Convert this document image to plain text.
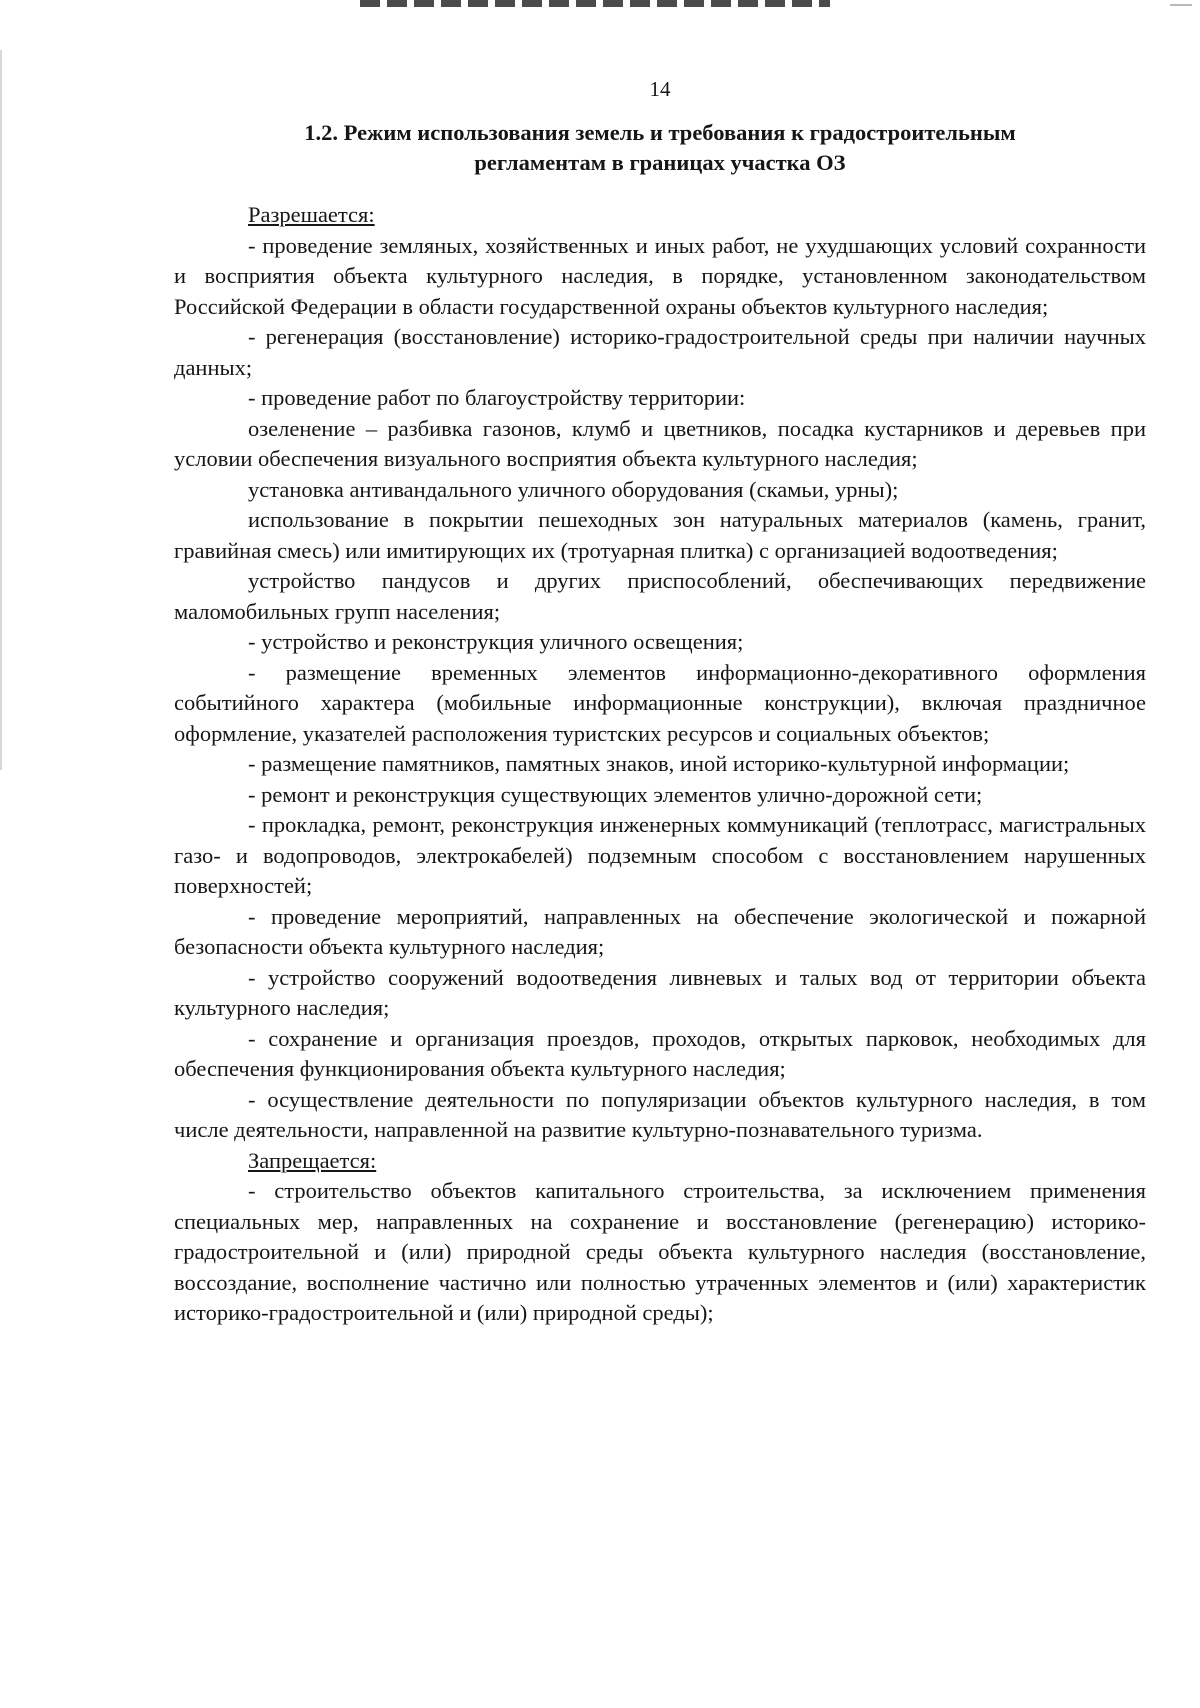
14
1.2. Режим использования земель и требования к градостроительным
регламентам в границах участка ОЗ

Разрешается:

- проведение земляных, хозяйственных и иных работ, не ухудшающих условий сохранности и восприятия объекта культурного наследия, в порядке, установленном законодательством Российской Федерации в области государственной охраны объектов культурного наследия;

- регенерация (восстановление) историко-градостроительной среды при наличии научных данных;

- проведение работ по благоустройству территории:

озеленение – разбивка газонов, клумб и цветников, посадка кустарников и деревьев при условии обеспечения визуального восприятия объекта культурного наследия;

установка антивандального уличного оборудования (скамьи, урны);

использование в покрытии пешеходных зон натуральных материалов (камень, гранит, гравийная смесь) или имитирующих их (тротуарная плитка) с организацией водоотведения;

устройство пандусов и других приспособлений, обеспечивающих передвижение маломобильных групп населения;

- устройство и реконструкция уличного освещения;

- размещение временных элементов информационно-декоративного оформления событийного характера (мобильные информационные конструкции), включая праздничное оформление, указателей расположения туристских ресурсов и социальных объектов;

- размещение памятников, памятных знаков, иной историко-культурной информации;

- ремонт и реконструкция существующих элементов улично-дорожной сети;

- прокладка, ремонт, реконструкция инженерных коммуникаций (теплотрасс, магистральных газо- и водопроводов, электрокабелей) подземным способом с восстановлением нарушенных поверхностей;

- проведение мероприятий, направленных на обеспечение экологической и пожарной безопасности объекта культурного наследия;

- устройство сооружений водоотведения ливневых и талых вод от территории объекта культурного наследия;

- сохранение и организация проездов, проходов, открытых парковок, необходимых для обеспечения функционирования объекта культурного наследия;

- осуществление деятельности по популяризации объектов культурного наследия, в том числе деятельности, направленной на развитие культурно-познавательного туризма.

Запрещается:

- строительство объектов капитального строительства, за исключением применения специальных мер, направленных на сохранение и восстановление (регенерацию) историко-градостроительной и (или) природной среды объекта культурного наследия (восстановление, воссоздание, восполнение частично или полностью утраченных элементов и (или) характеристик историко-градостроительной и (или) природной среды);
